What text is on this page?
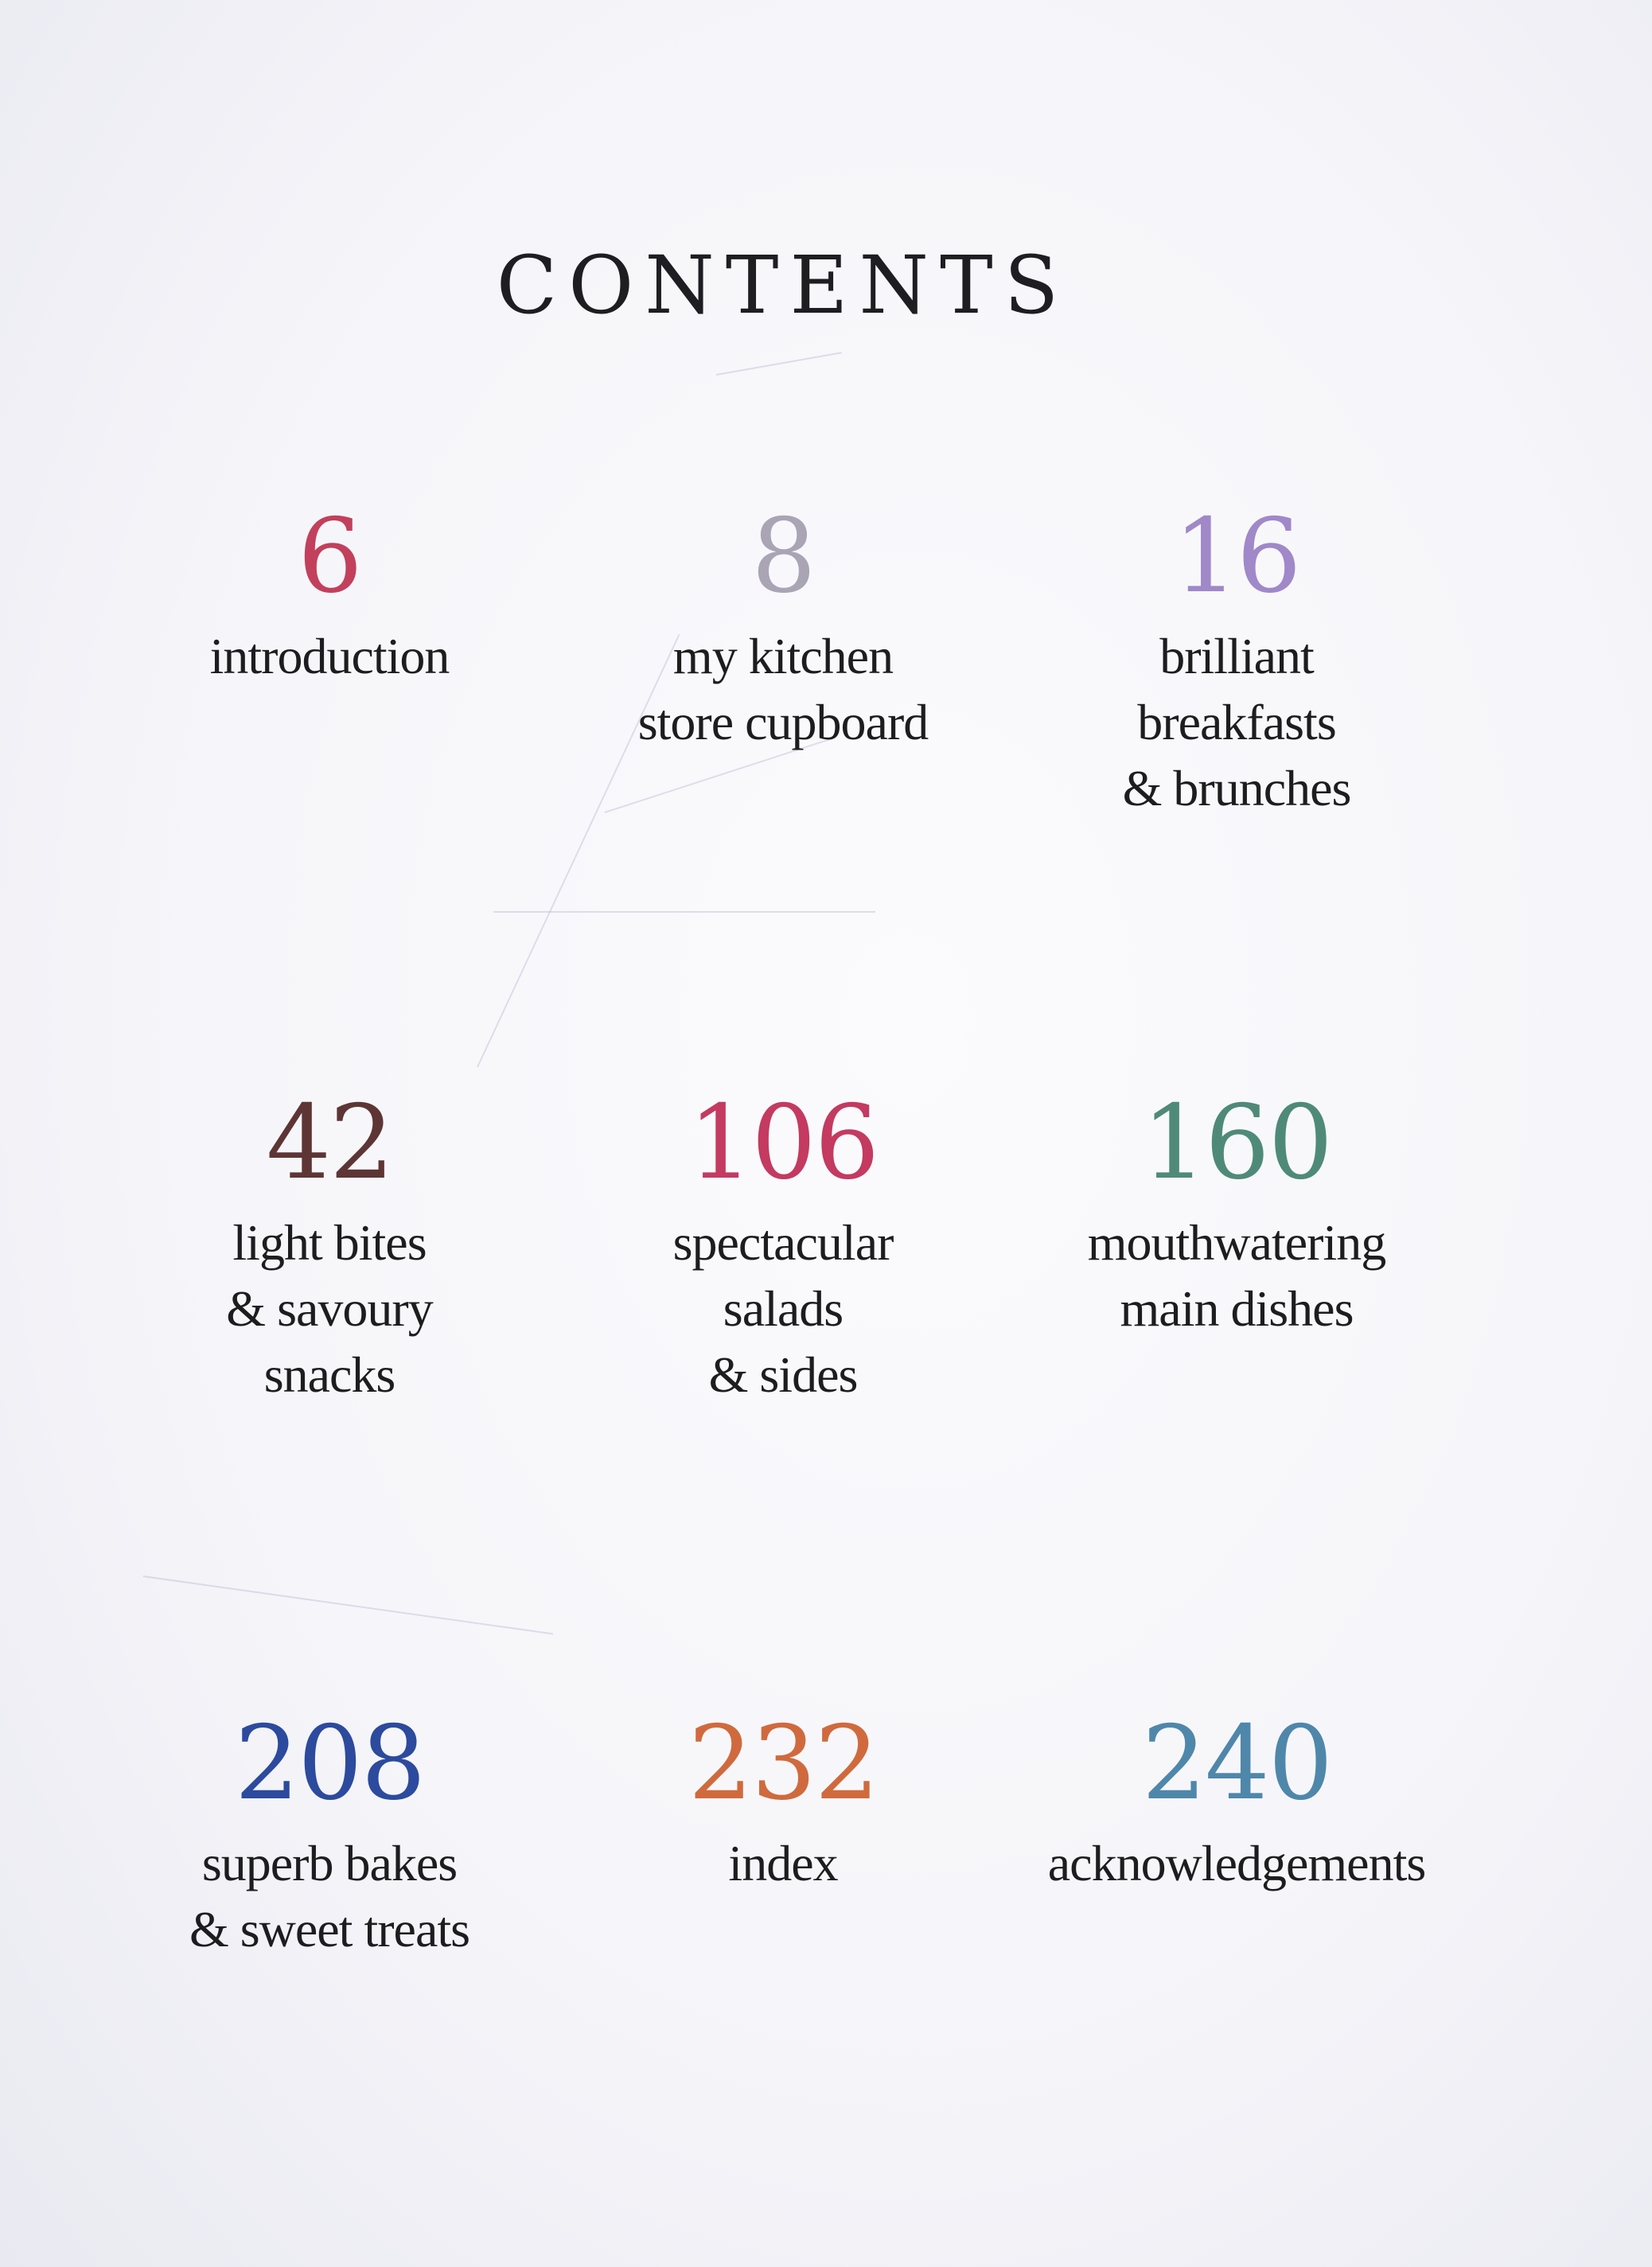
CONTENTS
6
introduction
8
my kitchen
store cupboard
16
brilliant
breakfasts
& brunches
42
light bites
& savoury
snacks
106
spectacular
salads
& sides
160
mouthwatering
main dishes
208
superb bakes
& sweet treats
232
index
240
acknowledgements
